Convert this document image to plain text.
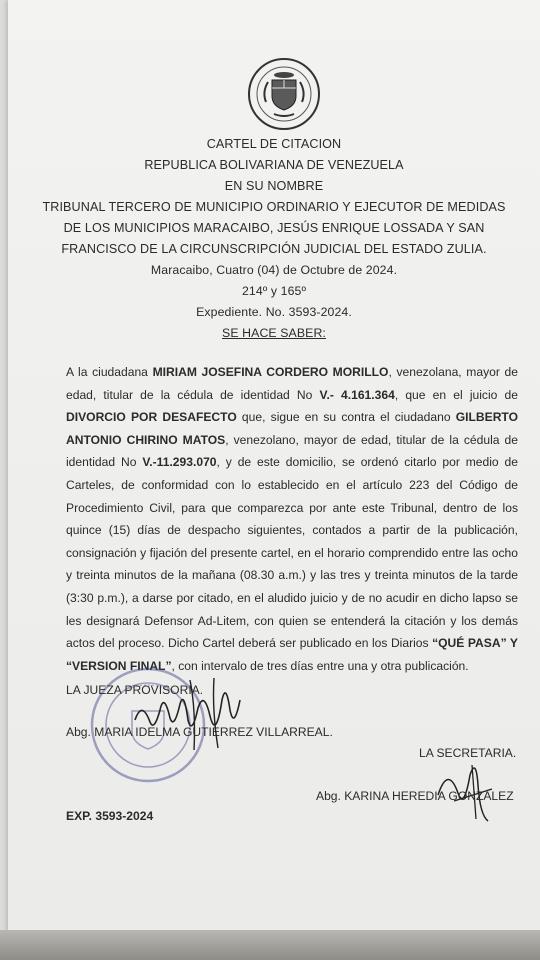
CARTEL DE CITACION
REPUBLICA BOLIVARIANA DE VENEZUELA
EN SU NOMBRE
TRIBUNAL TERCERO DE MUNICIPIO ORDINARIO Y EJECUTOR DE MEDIDAS
DE LOS MUNICIPIOS MARACAIBO, JESÚS ENRIQUE LOSSADA Y SAN
FRANCISCO DE LA CIRCUNSCRIPCIÓN JUDICIAL DEL ESTADO ZULIA.
Maracaibo, Cuatro (04) de Octubre de 2024.
214º y 165º
Expediente. No. 3593-2024.
SE HACE SABER:
A la ciudadana MIRIAM JOSEFINA CORDERO MORILLO, venezolana, mayor de edad, titular de la cédula de identidad No V.- 4.161.364, que en el juicio de DIVORCIO POR DESAFECTO que, sigue en su contra el ciudadano GILBERTO ANTONIO CHIRINO MATOS, venezolano, mayor de edad, titular de la cédula de identidad No V.-11.293.070, y de este domicilio, se ordenó citarlo por medio de Carteles, de conformidad con lo establecido en el artículo 223 del Código de Procedimiento Civil, para que comparezca por ante este Tribunal, dentro de los quince (15) días de despacho siguientes, contados a partir de la publicación, consignación y fijación del presente cartel, en el horario comprendido entre las ocho y treinta minutos de la mañana (08.30 a.m.) y las tres y treinta minutos de la tarde (3:30 p.m.), a darse por citado, en el aludido juicio y de no acudir en dicho lapso se les designará Defensor Ad-Litem, con quien se entenderá la citación y los demás actos del proceso. Dicho Cartel deberá ser publicado en los Diarios “QUÉ PASA” Y “VERSION FINAL”, con intervalo de tres días entre una y otra publicación.
LA JUEZA PROVISORIA.
Abg. MARIA IDELMA GUTIERREZ VILLARREAL.
LA SECRETARIA.
Abg. KARINA HEREDIA GONZÁLEZ
EXP. 3593-2024
